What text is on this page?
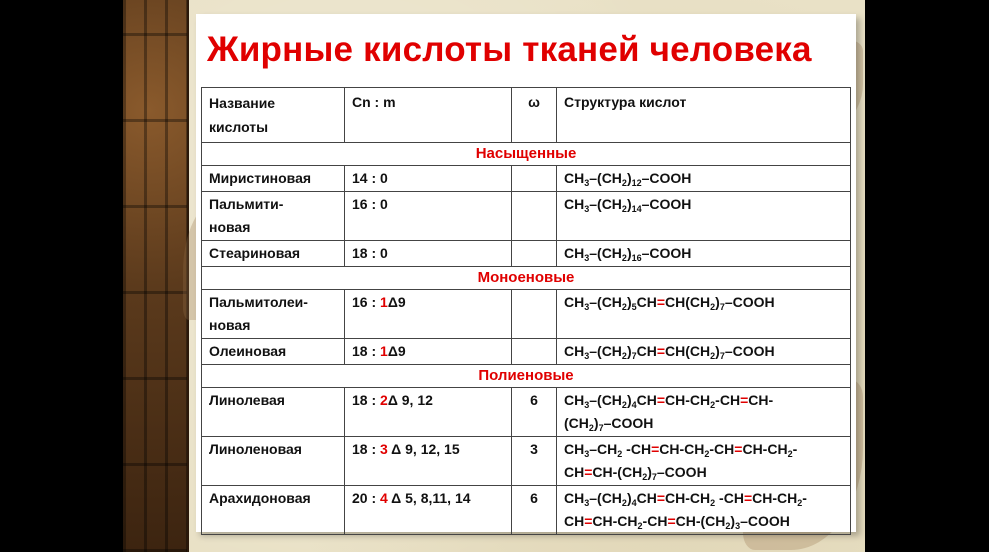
Жирные кислоты тканей человека
Название кислоты	Cn : m	ω	Структура кислот
Насыщенные			
Миристиновая	14 : 0		$CH_3-(CH_2)_{12}$–COOH
Пальмити-
новая	16 : 0		$CH_3-(CH_2)_{14}$–COOH
Стеариновая	18 : 0		$CH_3-(CH_2)_{16}$–COOH
Моноеновые			
Пальмитолеи-
новая	16 : 1Δ9		$CH_3-(CH_2)_5CH=CH(CH_2)_7$–COOH
Олеиновая	18 : 1Δ9		$CH_3-(CH_2)_7CH=CH(CH_2)_7$–COOH
Полиеновые			
Линолевая	18 : 2Δ 9, 12	6	$CH_3-(CH_2)_4CH=CH-CH_2-CH=CH-$
$(CH_2)_7$–COOH
Линоленовая	18 : 3 Δ 9, 12, 15	3	$CH_3-CH_2$ $-CH=CH-CH_2-CH=CH-CH_2-$
$CH=CH-(CH_2)_7$–COOH
Арахидоновая	20 : 4 Δ 5, 8,11, 14	6	$CH_3-(CH_2)_4CH=CH-CH_2$ $-CH=CH-CH_2-$
$CH=CH-CH_2-CH=CH-(CH_2)_3$–COOH
